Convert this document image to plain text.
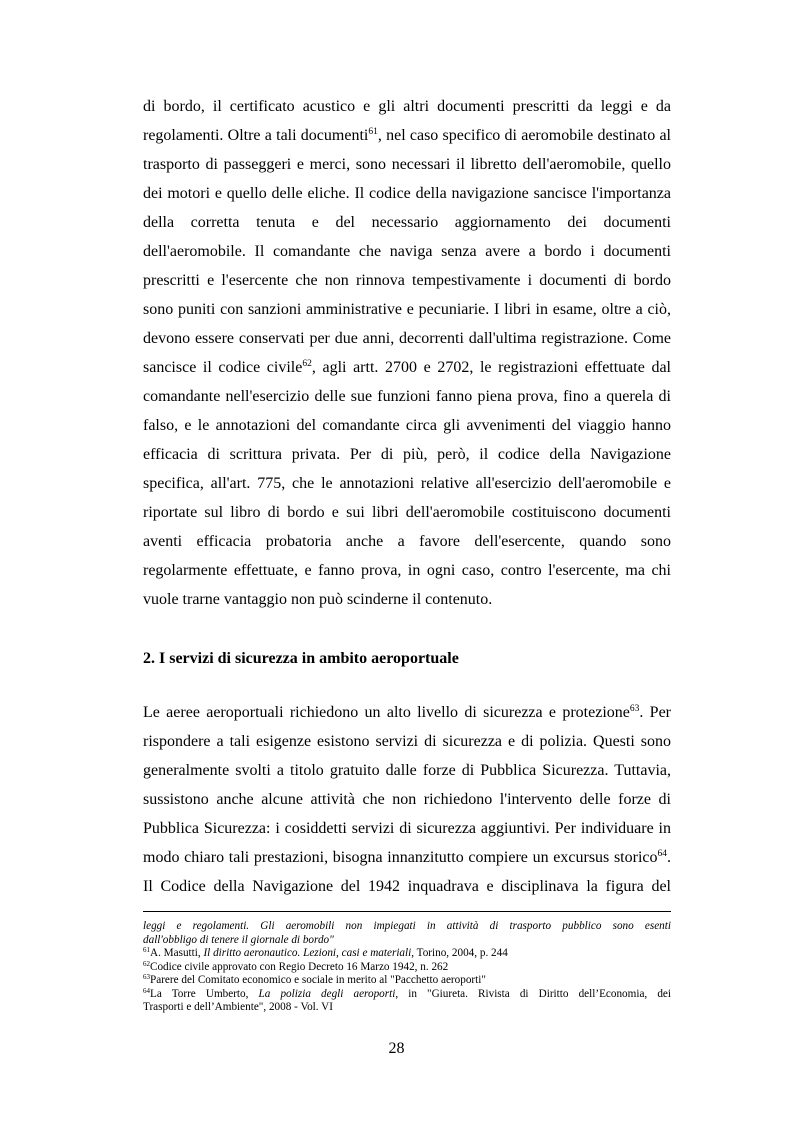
di bordo, il certificato acustico e gli altri documenti prescritti da leggi e da
regolamenti. Oltre a tali documenti$^{61}$, nel caso specifico di aeromobile destinato al
trasporto di passeggeri e merci, sono necessari il libretto dell'aeromobile, quello
dei motori e quello delle eliche. Il codice della navigazione sancisce l'importanza
della corretta tenuta e del necessario aggiornamento dei documenti
dell'aeromobile. Il comandante che naviga senza avere a bordo i documenti
prescritti e l'esercente che non rinnova tempestivamente i documenti di bordo
sono puniti con sanzioni amministrative e pecuniarie. I libri in esame, oltre a ciò,
devono essere conservati per due anni, decorrenti dall'ultima registrazione. Come
sancisce il codice civile$^{62}$, agli artt. 2700 e 2702, le registrazioni effettuate dal
comandante nell'esercizio delle sue funzioni fanno piena prova, fino a querela di
falso, e le annotazioni del comandante circa gli avvenimenti del viaggio hanno
efficacia di scrittura privata. Per di più, però, il codice della Navigazione
specifica, all'art. 775, che le annotazioni relative all'esercizio dell'aeromobile e
riportate sul libro di bordo e sui libri dell'aeromobile costituiscono documenti
aventi efficacia probatoria anche a favore dell'esercente, quando sono
regolarmente effettuate, e fanno prova, in ogni caso, contro l'esercente, ma chi
vuole trarne vantaggio non può scinderne il contenuto.
2. I servizi di sicurezza in ambito aeroportuale
Le aeree aeroportuali richiedono un alto livello di sicurezza e protezione$^{63}$. Per
rispondere a tali esigenze esistono servizi di sicurezza e di polizia. Questi sono
generalmente svolti a titolo gratuito dalle forze di Pubblica Sicurezza. Tuttavia,
sussistono anche alcune attività che non richiedono l'intervento delle forze di
Pubblica Sicurezza: i cosiddetti servizi di sicurezza aggiuntivi. Per individuare in
modo chiaro tali prestazioni, bisogna innanzitutto compiere un excursus storico$^{64}$.
Il Codice della Navigazione del 1942 inquadrava e disciplinava la figura del
leggi e regolamenti. Gli aeromobili non impiegati in attività di trasporto pubblico sono esenti
dall'obbligo di tenere il giornale di bordo"
$^{61}$A. Masutti, Il diritto aeronautico. Lezioni, casi e materiali, Torino, 2004, p. 244
$^{62}$Codice civile approvato con Regio Decreto 16 Marzo 1942, n. 262
$^{63}$Parere del Comitato economico e sociale in merito al "Pacchetto aeroporti"
$^{64}$La Torre Umberto, La polizia degli aeroporti, in "Giureta. Rivista di Diritto dell’Economia, dei
Trasporti e dell’Ambiente", 2008 - Vol. VI
28
